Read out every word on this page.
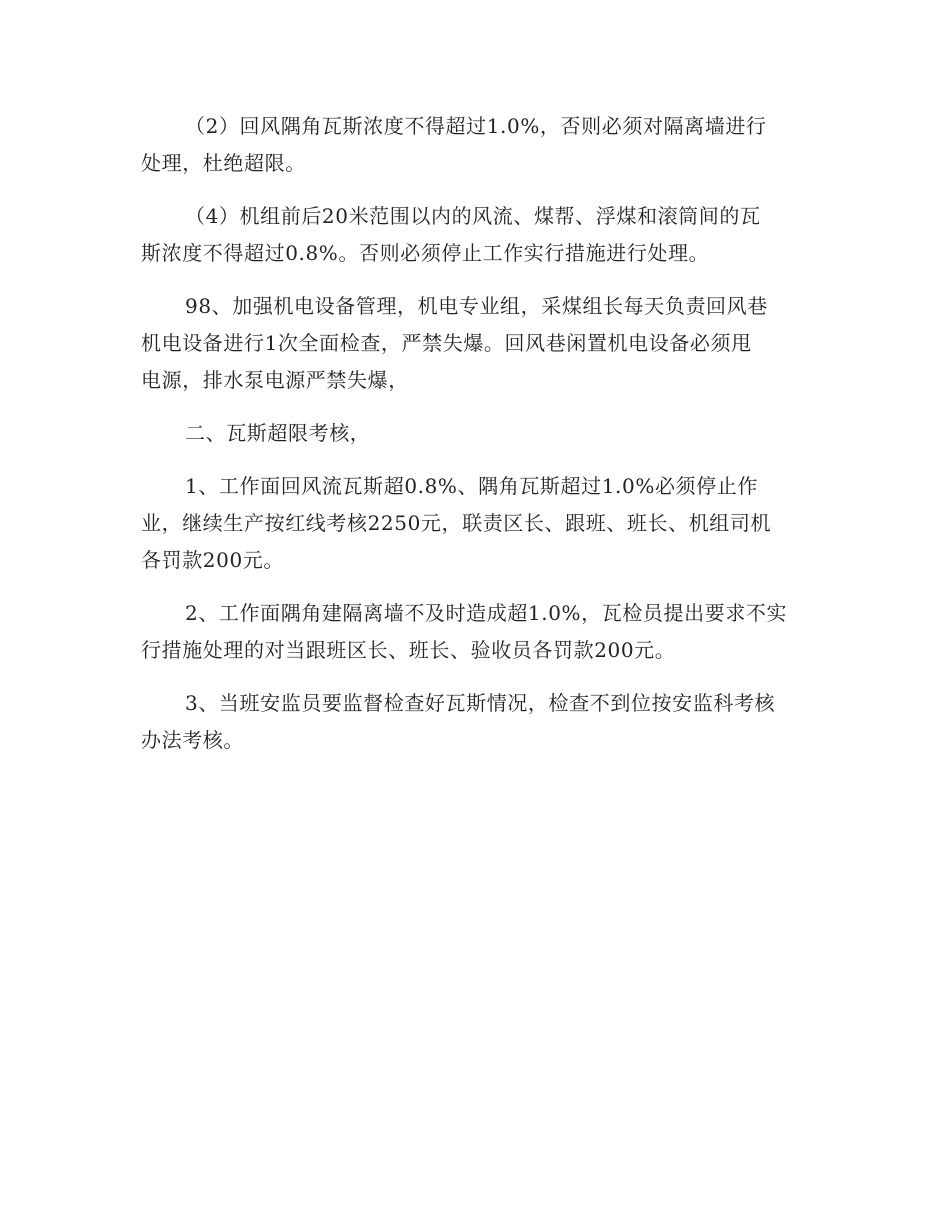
（2）回风隅角瓦斯浓度不得超过1.0%，否则必须对隔离墙进行
处理，杜绝超限。
（4）机组前后20米范围以内的风流、煤帮、浮煤和滚筒间的瓦
斯浓度不得超过0.8%。否则必须停止工作实行措施进行处理。
98、加强机电设备管理，机电专业组，采煤组长每天负责回风巷
机电设备进行1次全面检查，严禁失爆。回风巷闲置机电设备必须甩
电源，排水泵电源严禁失爆，
二、瓦斯超限考核，
1、工作面回风流瓦斯超0.8%、隅角瓦斯超过1.0%必须停止作
业，继续生产按红线考核2250元，联责区长、跟班、班长、机组司机
各罚款200元。
2、工作面隅角建隔离墙不及时造成超1.0%，瓦检员提出要求不实
行措施处理的对当跟班区长、班长、验收员各罚款200元。
3、当班安监员要监督检查好瓦斯情况，检查不到位按安监科考核
办法考核。
